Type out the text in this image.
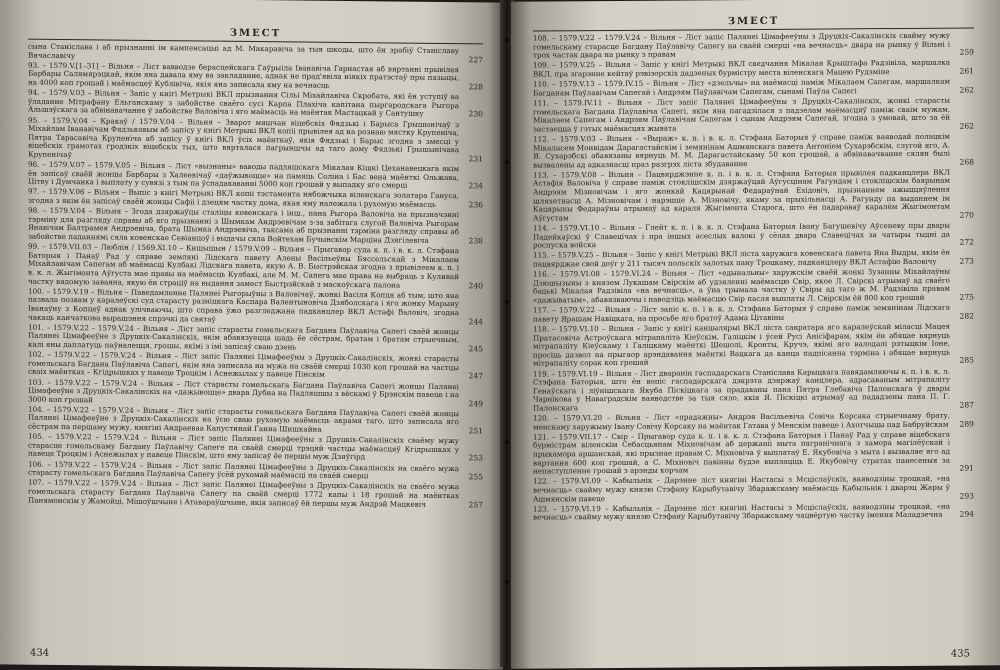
ЗМЕСТ
сына Станіслава і аб прызнанні ім кампенсацыі ад М. Макаравіча за тыя шкоды, што ён зрабіў Станіславу Вячаславічу	227
93. – 1579.V.[1–31] – Вільня – Ліст вавводзе берасцейскага Гаўрыіла Іванавіча Гарнастая аб вяртанні прывілея Барбары Салямярэцкай, якім яна давала яму ва закладанне, аднак не прад'явіла ніякіх пратэстаў пры пазыцы, на 4000 коп грошай і маёмасцеў Кублівіча, якія яна записала яму на вечнасць	228
94. – 1579.V.03 – Вільня – Запіс у кнігі Метрыкі ВКЛ прызнання Сільі Міхайлавіча Скробата, які ён уступіў ва ўладанне Мітрафану Ельганскаму з забойстве сваёго сусі Карпа Плахіча капітана пыргародскага Рыгора Альшэўскага за абвінавачанне ў забойстве Валовіча і яго маёмасць на маёнтак Мастацкай у Сантушку	230
95. – 1579.V.04 – Кракаў / 1579.V.04 – Вільня – Зварот мяшчан віцебскіх Фядзькі і Барыса Грышынічаў з Міхайлам Іванавічам Фядзьковым аб запісу у кнігі Метрыкі ВКЛ копіі прывілея ад на рознаю мястку Крупеніча, Пятра Тарасавіча Крупеніча аб запісу ў кнігі ВКЛ ўсіх маёнткаў, якія Фядзькі і Барыс згодна з змесці у віцебскіх грамотах гродзкіх віцебскіх тых, што вярталася пагрыншчы ад таго дому Фядзькі Грышынічава Крупенічаў	231
96. – 1579.V.07 – 1579.V.05 – Вільня – Ліст «вызнаны» ваводы падляшскага Мікалая Кішкі Цеханавецкага якім ён запісаў сваёй жонцы Барбары з Халеевічаў «даўжывоцце» на памяць Соліна і Бас вена маёнткі Ольжава, Цітву і Думчанка і выплату у сувязі з тым па ўспадакаванні 5000 коп грошай у выпадку яго смерці	234
97. – 1579.V.06 – Вільня – Выпіс з кнігі Метрыкі ВКЛ копіі тэстамента нябожчыка віленскага золатара Гануса, згодна з якім ён запісаў сваёй жонцы Сафіі і дзецям частку дома, якая яму належала і рухомую маёмасць	236
98. – 1579.V.04 – Вільня – Згода дзяржаўцы сталіцы ковенскага і інш., пана Рыгора Валовіча на прызначэнні тэрміну для разгляду справы аб яго прызнанні з Шымкам Андрэевічам з-за забітага слугой Валовіча Рыгорам Янавічам Балтрамея Андрэевіча, брата Шымка Андрэевіча, таксама аб прызнанні тэрміна разгляду справы аб забойстве паданнямі сяла ковенскае Севіанцоў і выдачы сяла Войтехам Бучынскім Марціна Дзягілевіча	238
99. – 1579.VII.03 – Люблін / 1569.XI.10 – Кншышын / 1579.V.09 – Вільня – Прыгавор суда к. п. і в. к. л. Стэфана Баторыя і Панаў Рад у справе земляні Лідскага павету Алены Васільеўны Бяссельскай з Мікалаем Міхайлавічам Сапегам аб маёмасці Кулбакі Лідскага павета, якую А. В. Быстрэйская згодна з прывілеем к. п. і в. к. л. Жыгімонта Аўгуста мае правы на маёмасць Кулбакі, але М. М. Сапега мае права на выбраць з Куливай частку вядомую заваяна, якую ён страціў на выдання замест Быстрэйскай з маскоўскага палона	240
100. – 1579.V.19 – Вільня – Паведамленне Палянеі Рыгорыўны з Валовічаў, жонкі Васіля Копця аб тым, што яна пазвала позвам у каралеўскі суд старасту разніцкага Каспара Валентыновіча Дзяболскага і яго жонку Марыну Іванаўну з Копцеў аднак улічваючы, што справа ўжо разгледжана падканцлер ВКЛ Астафі Валовіч, згодна чакаць канчаткова вырашэння спрэчкі да святаў	244
101. – 1579.V.22 – 1579.V.24 – Вільня – Ліст запіс старасты гомельскага Багдана Паўлавіча Сапегі сваёй жонцы Палянеі Цімафееўне з Друцкіх-Сакалінскіх, якім абавязуецца шадь ёе сёстрам, братам і братам стрыечным, калі яны даплатуць паўналецця, грошы, якімі з імі запісаў сваю дзень	245
102. – 1579.V.22 – 1579.V.24 – Вільня – Ліст запіс Палянеі Цімафееўны з Друцкіх-Сакалінскіх, жонкі старасты гомельскага Багдана Паўлавіча Сапегі, якім яна записала на мужа на сваёй смерці 1030 коп грошай на частцы сваіх маёнтках – Кгідрышках у павеце Троцкім і Аснежылах у павеце Пінскім	247
103. – 1579.V.22 – 1579.V.24 – Вільня – Ліст старасты гомельскага Багдана Паўлавіча Сапегі жонцы Палянеі Цімафееўне з Друцкіх-Сакалінскіх на «дажывоцце» двара Дубна на Падляшшы з вёскамі ў Брэнскім павеце і на 3000 коп грошай	249
104. – 1579.V.22 – 1579.V.24 – Вільня – Ліст запіс старасты гомельскага Багдана Паўлавіча Сапегі сваёй жонцы Палянеі Цімафееўне з Друцкіх-Сакалінскіх на ўсю сваю рухомую маёмасць акрамя таго, што записала яго сёстрам па першаму мужу, княгіні Андраеваа Капустинай Ганна Шишкайна	251
105. – 1579.V.22 – 1579.V.24 – Вільня – Ліст запіс Палянеі Цімафееўны з Друцкіх-Сакалінскіх сваёму мужу старасце гомельскаму Багдану Паўлавічу Сапеге па сваёй смерці трэцяй частцы маёмасцяў Кгідрышках у павеце Троцкім і Аснежылах у павеце Пінскім, што яму запісаў ёе першы муж Дзяўгірд	253
106. – 1579.V.22 – 1579.V.24 – Вільня – Ліст запіс Палянеі Цімафееўны з Друцкіх-Сакалінскіх на сваёго мужа старасту гомельскага Багдана Паўлавіча Сапегу ўсёй рухомай маёмасці па сваёй смерці	255
107. – 1579.V.22 – 1579.V.24 – Вільня – Ліст запіс Палянеі Цімафееўны з Друцкіх-Сакалінскіх на сваёго мужа гомельскага старасту Багдана Паўлавіча Сапегу па сваёй смерці 1772 капы і 18 грошай на маёнтках Панямонскім у Жамойці, Мішоўшчыне і Атавараўшчыне, якія записаў ёй першы муж Андрэй Мацкевіч	257
434
ЗМЕСТ
108. – 1579.V.22 – 1579.V.24 – Вільня – Ліст запіс Палянеі Цімафееўны з Друцкіх-Сакалінскіх свайму мужу гомельскаму старасце Багдану Паўлавічу Сапегу на сваёй смерці «на вечнасць» двара на рынку ў Вільні і трох частак двара на рынку з правам	259
109. – 1579.V.25 – Вільня – Запіс у кнігі Метрыкі ВКЛ сведчання Мікалая Крыштафа Радзівіла, маршалка ВКЛ, пра згарэнне кейтаў рэвізорскіх дадзеных бурмістру места віленскага Мацею Рудзміне	261
110. – 1579.V.13 – 1579.IV.15 – Вільня – Ліст «дзельчы» на маёмасці паміж Мікалаем Сапегам, маршалкам Багданам Паўлавічам Сапегай і Андрэям Паўлавічам Сапегам, сынамі Паўла Сапегі	262
111. – 1579.IV.11 – Вільня – Ліст запіс Палянеі Цімафееўны з Друцкіх-Сакалінскіх, жонкі старасты гомельскага Багдана Паўлавіча Сапегі, якім яна пагадзілася з падзелам маёмасцяў паміж сваім мужам, Мікалаем Сапегам і Андрэям Паўлавічам Сапегам і сынам Андрэям Сапегай, згодна з умовай, што за ёй застаецца ў гэтых маёмасцях жывата	262
112. – 1579.V.03 – Вільня – «Выраж» к. п. і в. к. л. Стэфана Баторыя ў справе паміж ваяводай полацкім Мікаласем Монвідам Дарагастайскім і земянінам Ашмянскага павета Антоніем Сухарэбскім, слугой яго, А. Я. Сухарэбскі абавязаны вярнуць М. М. Дарагастайскаму 50 коп грошай, а абвінавачванне сялян былі вызвалены ад адказнасці праз разгрэх ліста збудаванне	268
113. – 1579.V.08 – Вільня – Пацвярджэнне к. п. і в. к. л. Стэфана Баторыя прывілея падканцлера ВКЛ Астафія Валовіча ў справе паміж стоклішскім дзяржаўцай Аўгусцінам Рагундам і стоклішскім баярынам Андрэям Мізновічам і яго жонкай Кацярынай Федараўнай Ехідовіч, прызнаннем ажыццяўлення шляхетнасці А. Мізновічам і нарэшце А. Мізновічу, якаму за прыхільнасці А. Рагунду па выданнем ім Кацярыны Федараўны атрымаў ад караля Жыгімонта Старога, што ён падараваў каралём Жыгімонтам Аўгустам	270
114. – 1579.VI.10 – Вільня – Глейт к. п. і в. к. л. Стэфана Баторыя Івану Багушевічу Аўсеневу пры двары Падейкаўскі ў Славецічах і пра іншых асеслых валокі ў сёлах двара Славецічах за чатыры тыдні да роспуска войска	272
115. – 1579.V.25 – Вільня – Запіс у кнігі Метрыкі ВКЛ ліста харужага ковенскага павета Яна Выдры, якім ён пацвярджае свой доўг у 211 тысяч польскіх залотых пану Троцкаму, падканцлеру ВКЛ Астафію Валовічу	273
116. – 1579.VI.08 – 1579.VI.24 – Вільня – Ліст «едынальны» харужскім сваёй жонкі Зузанны Міхайлаўны Дзюшызыны з князем Лукашам Свірскім аб удзяленні маёмасцю Свір, якое Л. Свірскі атрымаў ад сваёго бацькі Мікалая Радзівіла «на вечнасць», а ўна трымала частку ў Свіры ад таго ж М. Радзівіла правам «дажыватым», абавязваючы і паводзіць маёмасцю Свір пасля выплаты Л. Свірскім ёй 800 коп грошай	275
117. – 1579.V.22 – Вільня – Ліст запіс к. п. і в. к. л. Стэфана Баторыя ў справе паміж земянінам Лідскага павету Ярашам Навіцкага, на просьбе яго братоў Адама Цітавіны	282
118. – 1579.VI.10 – Вільня – Запіс у кнігі канцылярыі ВКЛ ліста сакратара яго каралеўскай міласці Мацея Пратасовіча Астроўскага мітрапаліта Кіеўскім, Галіцкім і ўсей Русі Анісіфарам, якім ён абяцае вярнуць мітрапаліту Кіеўскаму і Галіцкаму маёнткі Шешолі, Кронты, Кручэ, якімі яго валодалі рэтыцкім Іоне, просіць дазвол на прыгаор арэндавання маёнткі Вацкага да канца падпісанна тэрміна і абяцае вярнуць мітрапаліту сорак коп грошай	285
119. – 1579.VI.19 – Вільня – Ліст дваранін гаспадарскага Станіслава Карыцкага павядамляючы к. п. і в. к. л. Стэфана Баторыя, што ён вопіс гаспадарскага дэкрэта дзяржаў канцлера, адрасаваным мітрапаліту Генаўскага і ліўнішскага Якуба Піскіцкага за прадаваны пана Пятра Глебавіча Палонскага ў двары Чарнікова у Наваградскім ваяводстве за тыя сяло, якія Я. Піскіцкі атрымаў ад пададзены пана П. Г. Палонскага	287
120. – 1579.VI.20 – Вільня – Ліст «прадажны» Андрэя Васільевіча Совіча Корсака стрыечнаму брату, менскаму харужыму Івану Совічу Корсаку на маёнтак Гатава ў Менскім павеце і Ахотчыцы пад Бабруйскам	289
121. – 1579.VII.17 – Свір – Прыгавор суда к. п. і в. к. л. Стэфана Баторыя і Панаў Рад у справе віцебскага бурмістрам віленскім Себасцьянам Міхновічам аб держаніі мыта пагранічнага з хамора магілёўскай і прыкамора аршанскай, які прызнае правам С. Міхновіча ў выплатаў Е. Якубовіча з мыта і вызваляе яго ад вяртання 600 коп грошай, а С. Міхновіч павінны будзе выплаціць Е. Якубовічу стратах панесеныя за непаступленне грошай з арэнды корчам	291
122. – 1579.VI.09 – Кабыльнік – Дарэнне ліст княгіні Настасьі з Мсціслаўскіх, ваяводзіны троцкай, «на вечнасць» свайму мужу князю Стэфану Карыбутавічу Збаражскаму маёмасць Кабыльнік і дварэц Жары ў Ашмянскім павеце	293
123. – 1579.VI.19 – Кабыльнік – Дарэнне ліст княгіні Настасьі з Мсціслаўскіх, ваяводзіны троцкай, «на вечнасць» свайму мужу князю Стэфану Карыбутавічу Збаражскаму чацвёртую частку імення Маладзечна	294
435
